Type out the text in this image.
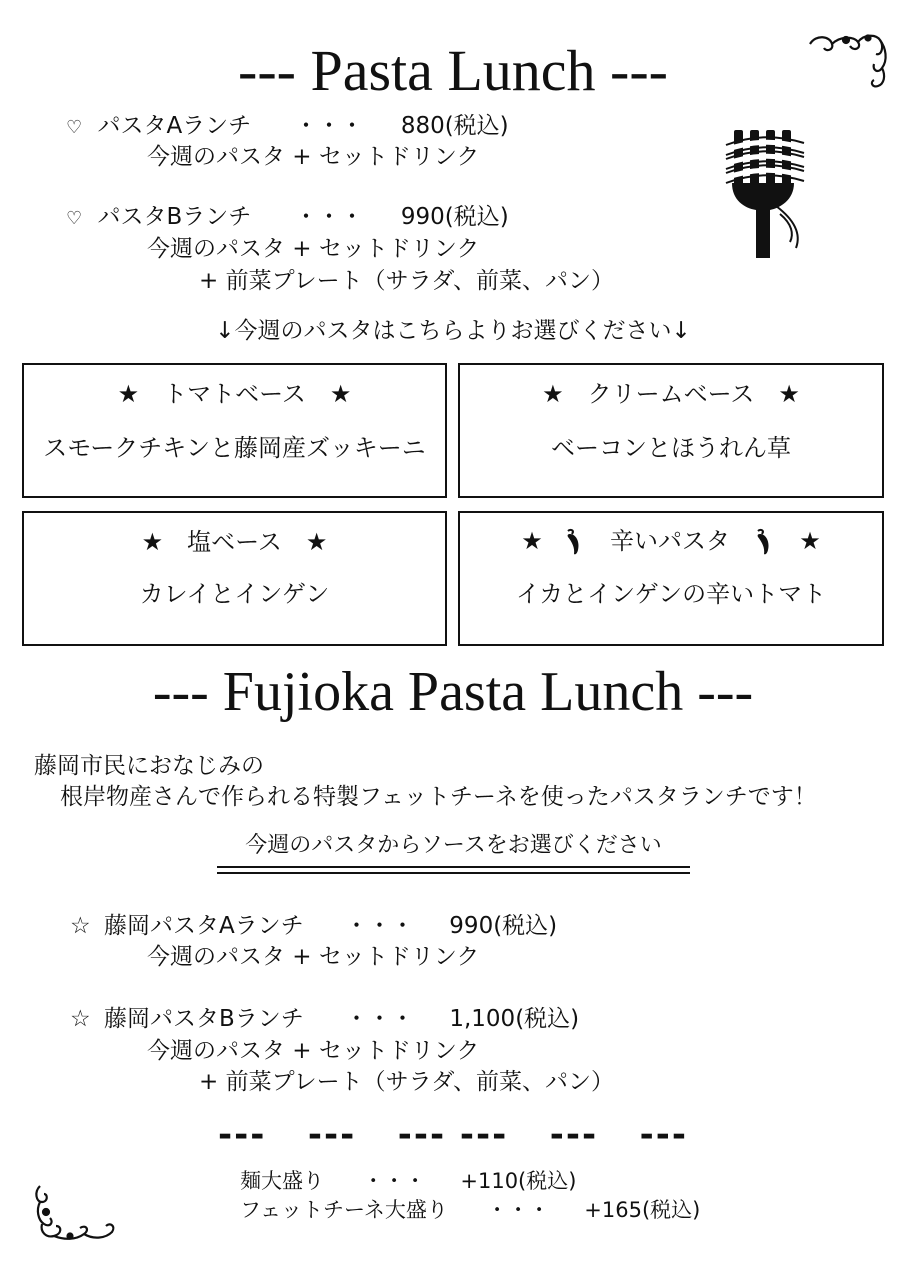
--- Pasta Lunch ---
♡ パスタAランチ ・・・ 880(税込)
今週のパスタ + セットドリンク
♡ パスタBランチ ・・・ 990(税込)
今週のパスタ + セットドリンク
+ 前菜プレート（サラダ、前菜、パン）
↓今週のパスタはこちらよりお選びください↓
★　トマトベース　★
スモークチキンと藤岡産ズッキーニ
★　クリームベース　★
ベーコンとほうれん草
★　塩ベース　★
カレイとインゲン
★	辛いパスタ	★
イカとインゲンの辛いトマト
--- Fujioka Pasta Lunch ---
藤岡市民におなじみの
根岸物産さんで作られる特製フェットチーネを使ったパスタランチです！
今週のパスタからソースをお選びください
☆ 藤岡パスタAランチ ・・・ 990(税込)
今週のパスタ + セットドリンク
☆ 藤岡パスタBランチ ・・・ 1,100(税込)
今週のパスタ + セットドリンク
+ 前菜プレート（サラダ、前菜、パン）
---   ---   --- ---   ---   ---
麺大盛り ・・・ +110(税込)
フェットチーネ大盛り ・・・ +165(税込)
